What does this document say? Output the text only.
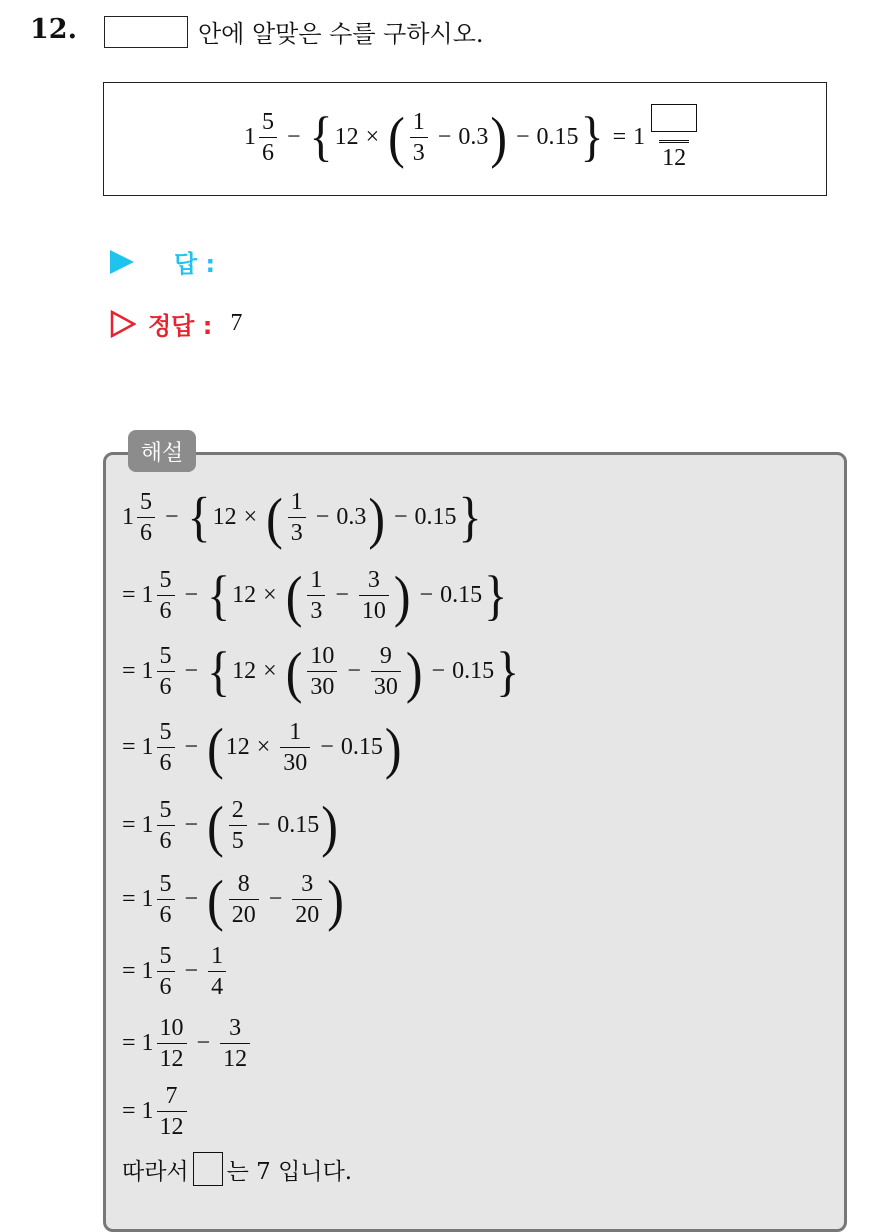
12.	안에 알맞은 수를 구하시오.
$1 \frac{5}{6}$ − { 12 × ( $\frac{1}{3} - 0.3$ ) − 0.15 } = 1
12
답 :
정답 : 7
해설
$1 \frac{5}{6}$ − { 12 × ( $\frac{1}{3} - 0.3$ ) − 0.15 }
=
$1 \frac{5}{6}$ − { 12 × ( $\frac{1}{3} - \frac{3}{10}$ ) − 0.15 }
=
$1 \frac{5}{6}$ − { 12 × ( $\frac{10}{30} - \frac{9}{30}$ ) − 0.15 }
=
$1 \frac{5}{6}$ − ( $12 \times \frac{1}{30} - 0.15$ )
=
$1 \frac{5}{6}$ − ( $\frac{2}{5} - 0.15$ )
=
$1 \frac{5}{6}$ − ( $\frac{8}{20} - \frac{3}{20}$ )
=
$1 \frac{5}{6} - \frac{1}{4}$
=
$1 \frac{10}{12} - \frac{3}{12}$
=
$1 \frac{7}{12}$
따라서 는 7 입니다.
